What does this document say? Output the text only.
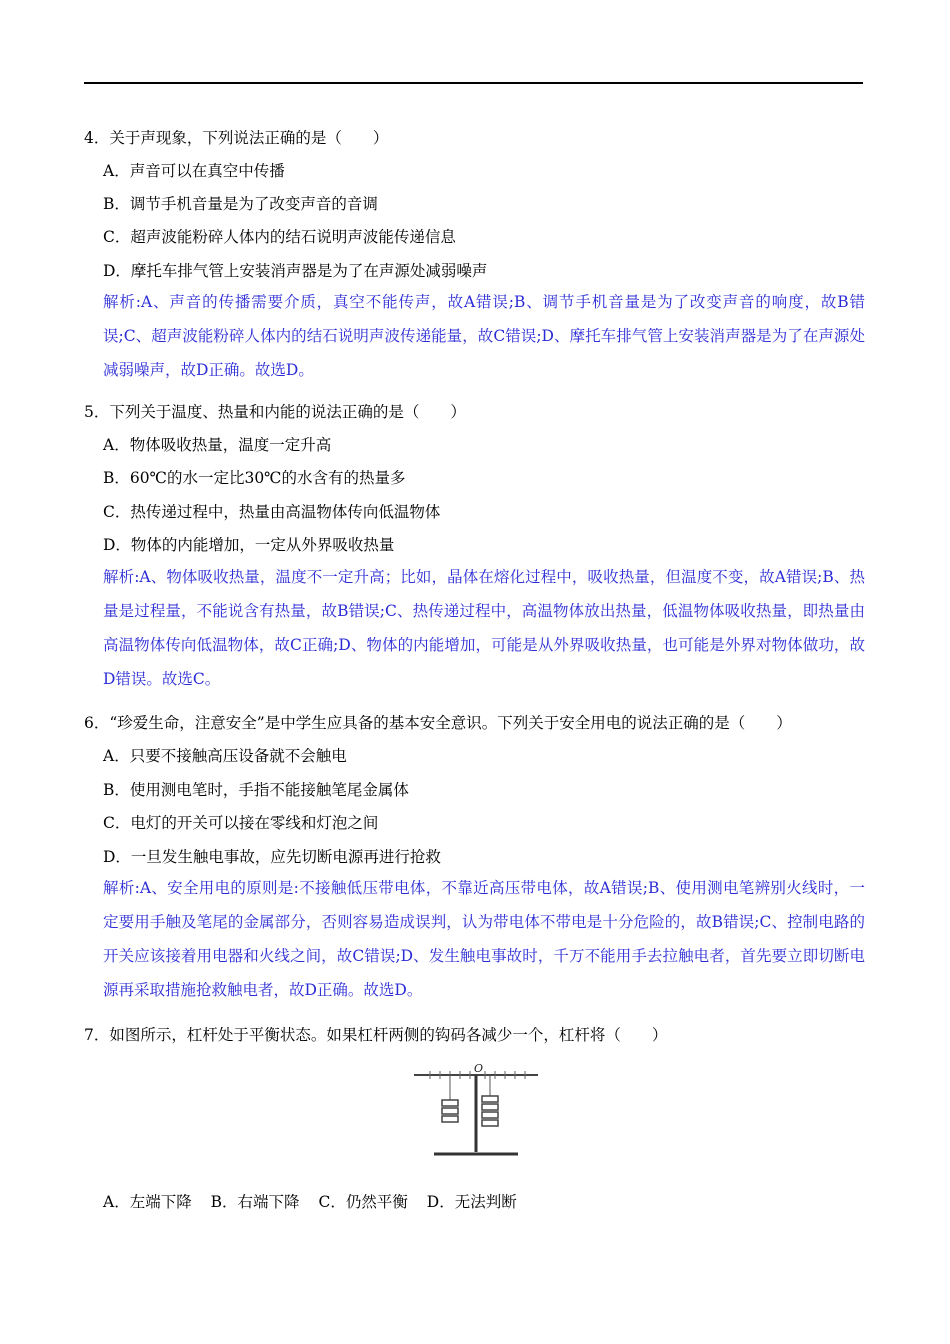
4．关于声现象，下列说法正确的是（　　）
A．声音可以在真空中传播
B．调节手机音量是为了改变声音的音调
C．超声波能粉碎人体内的结石说明声波能传递信息
D．摩托车排气管上安装消声器是为了在声源处减弱噪声
解析:A、声音的传播需要介质，真空不能传声，故A错误;B、调节手机音量是为了改变声音的响度，故B错误;C、超声波能粉碎人体内的结石说明声波传递能量，故C错误;D、摩托车排气管上安装消声器是为了在声源处减弱噪声，故D正确。故选D。
5．下列关于温度、热量和内能的说法正确的是（　　）
A．物体吸收热量，温度一定升高
B．60℃的水一定比30℃的水含有的热量多
C．热传递过程中，热量由高温物体传向低温物体
D．物体的内能增加，一定从外界吸收热量
解析:A、物体吸收热量，温度不一定升高；比如，晶体在熔化过程中，吸收热量，但温度不变，故A错误;B、热量是过程量，不能说含有热量，故B错误;C、热传递过程中，高温物体放出热量，低温物体吸收热量，即热量由高温物体传向低温物体，故C正确;D、物体的内能增加，可能是从外界吸收热量，也可能是外界对物体做功，故D错误。故选C。
6．“珍爱生命，注意安全”是中学生应具备的基本安全意识。下列关于安全用电的说法正确的是（　　）
A．只要不接触高压设备就不会触电
B．使用测电笔时，手指不能接触笔尾金属体
C．电灯的开关可以接在零线和灯泡之间
D．一旦发生触电事故，应先切断电源再进行抢救
解析:A、安全用电的原则是:不接触低压带电体，不靠近高压带电体，故A错误;B、使用测电笔辨别火线时，一定要用手触及笔尾的金属部分，否则容易造成误判，认为带电体不带电是十分危险的，故B错误;C、控制电路的开关应该接着用电器和火线之间，故C错误;D、发生触电事故时，千万不能用手去拉触电者，首先要立即切断电源再采取措施抢救触电者，故D正确。故选D。
7．如图所示，杠杆处于平衡状态。如果杠杆两侧的钩码各减少一个，杠杆将（　　）
O
A．左端下降 B．右端下降 C．仍然平衡 D．无法判断
